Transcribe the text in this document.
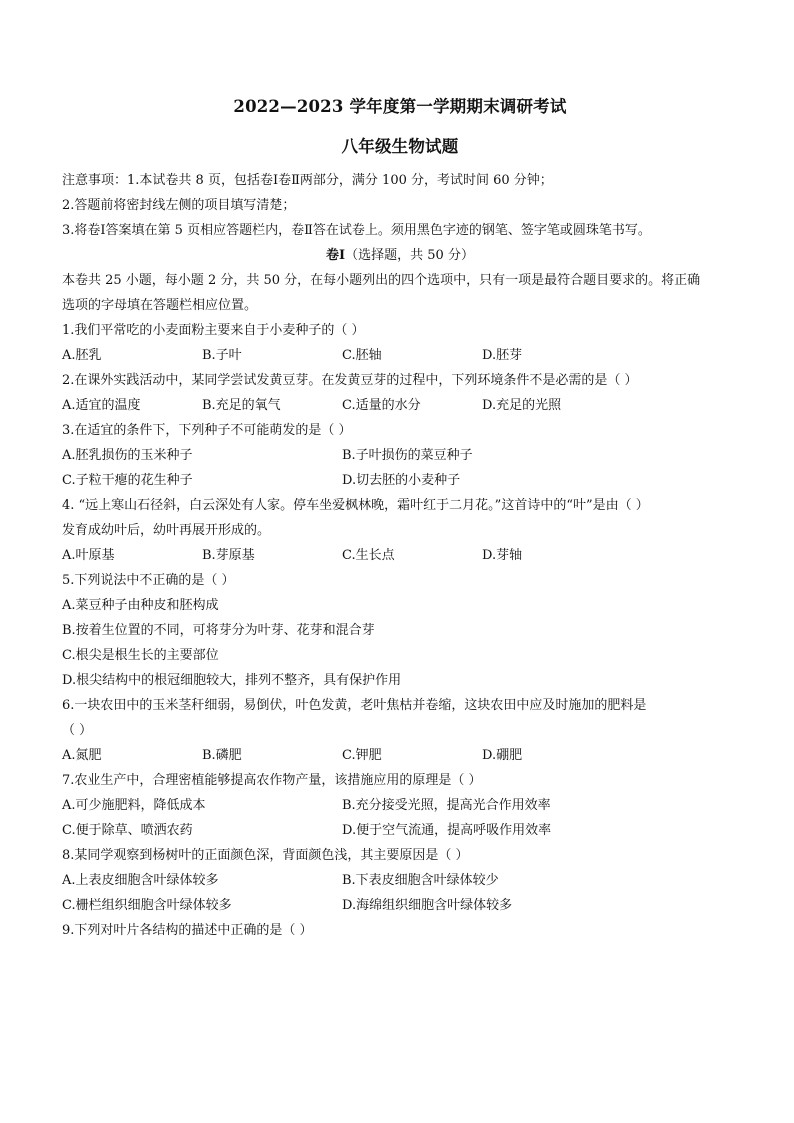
2022—2023 学年度第一学期期末调研考试
八年级生物试题
注意事项：1.本试卷共 8 页，包括卷Ⅰ卷Ⅱ两部分，满分 100 分，考试时间 60 分钟；
2.答题前将密封线左侧的项目填写清楚；
3.将卷Ⅰ答案填在第 5 页相应答题栏内，卷Ⅱ答在试卷上。须用黑色字迹的钢笔、签字笔或圆珠笔书写。
卷Ⅰ（选择题，共 50 分）
本卷共 25 小题，每小题 2 分，共 50 分，在每小题列出的四个选项中，只有一项是最符合题目要求的。将正确
选项的字母填在答题栏相应位置。
1.我们平常吃的小麦面粉主要来自于小麦种子的（ ）
A.胚乳	B.子叶	C.胚轴	D.胚芽
2.在课外实践活动中，某同学尝试发黄豆芽。在发黄豆芽的过程中，下列环境条件不是必需的是（ ）
A.适宜的温度	B.充足的氧气	C.适量的水分	D.充足的光照
3.在适宜的条件下，下列种子不可能萌发的是（ ）
A.胚乳损伤的玉米种子	B.子叶损伤的菜豆种子
C.子粒干瘪的花生种子	D.切去胚的小麦种子
4. “远上寒山石径斜，白云深处有人家。停车坐爱枫林晚，霜叶红于二月花。”这首诗中的“叶”是由（ ）
发育成幼叶后，幼叶再展开形成的。
A.叶原基	B.芽原基	C.生长点	D.芽轴
5.下列说法中不正确的是（ ）
A.菜豆种子由种皮和胚构成
B.按着生位置的不同，可将芽分为叶芽、花芽和混合芽
C.根尖是根生长的主要部位
D.根尖结构中的根冠细胞较大，排列不整齐，具有保护作用
6.一块农田中的玉米茎秆细弱，易倒伏，叶色发黄，老叶焦枯并卷缩，这块农田中应及时施加的肥料是
（ ）
A.氮肥	B.磷肥	C.钾肥	D.硼肥
7.农业生产中，合理密植能够提高农作物产量，该措施应用的原理是（ ）
A.可少施肥料，降低成本	B.充分接受光照，提高光合作用效率
C.便于除草、喷洒农药	D.便于空气流通，提高呼吸作用效率
8.某同学观察到杨树叶的正面颜色深，背面颜色浅，其主要原因是（ ）
A.上表皮细胞含叶绿体较多	B.下表皮细胞含叶绿体较少
C.栅栏组织细胞含叶绿体较多	D.海绵组织细胞含叶绿体较多
9.下列对叶片各结构的描述中正确的是（ ）
